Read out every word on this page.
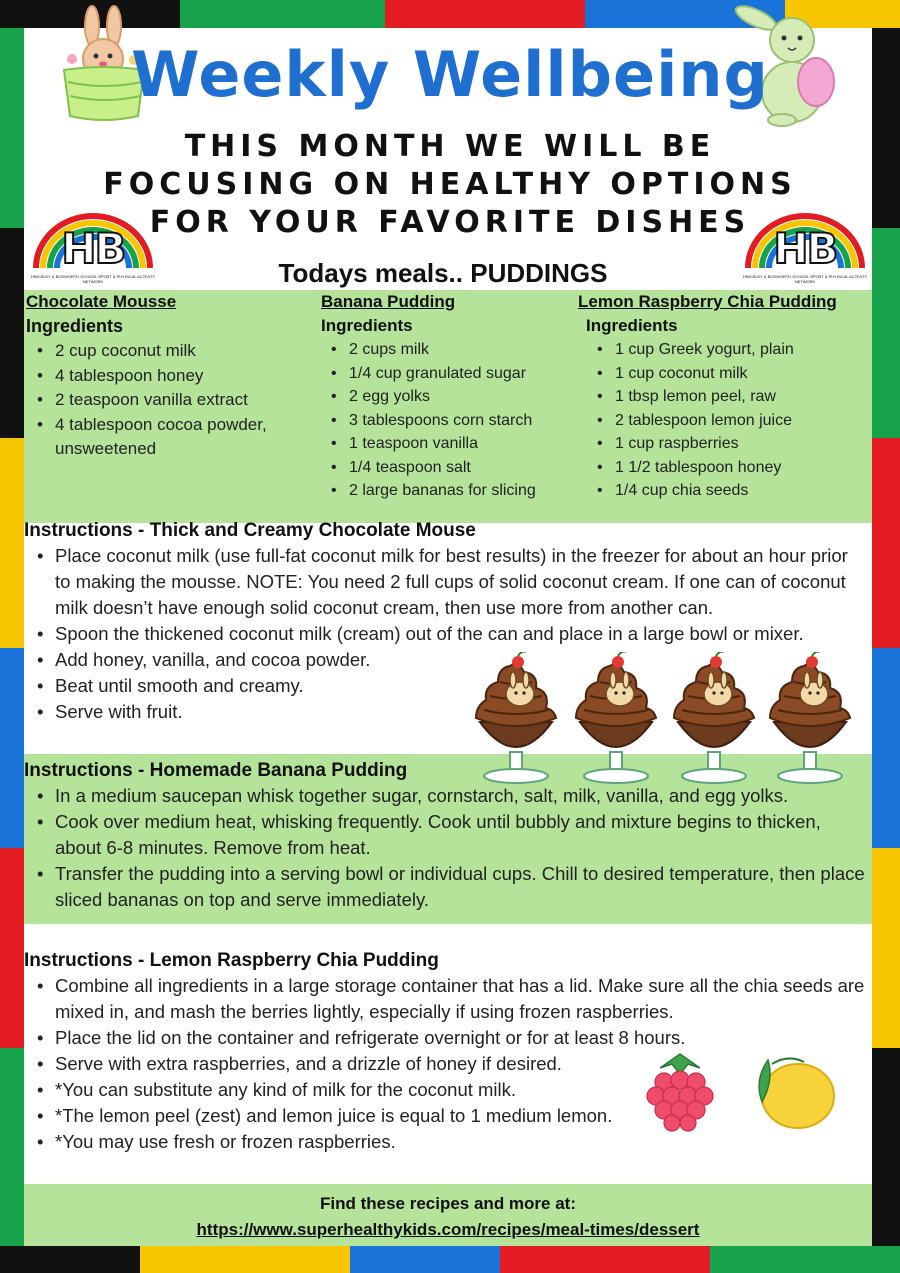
Weekly Wellbeing
THIS MONTH WE WILL BE FOCUSING ON HEALTHY OPTIONS FOR YOUR FAVORITE DISHES
HB
HINCKLEY & BOSWORTH SCHOOL SPORT & PHYSICAL ACTIVITY NETWORK
HB
HINCKLEY & BOSWORTH SCHOOL SPORT & PHYSICAL ACTIVITY NETWORK
Todays meals.. PUDDINGS
Chocolate Mousse
Ingredients
• 2 cup coconut milk
• 4 tablespoon honey
• 2 teaspoon vanilla extract
• 4 tablespoon cocoa powder, unsweetened
Banana Pudding
Ingredients
• 2 cups milk
• 1/4 cup granulated sugar
• 2 egg yolks
• 3 tablespoons corn starch
• 1 teaspoon vanilla
• 1/4 teaspoon salt
• 2 large bananas for slicing
Lemon Raspberry Chia Pudding
Ingredients
• 1 cup Greek yogurt, plain
• 1 cup coconut milk
• 1 tbsp lemon peel, raw
• 2 tablespoon lemon juice
• 1 cup raspberries
• 1 1/2 tablespoon honey
• 1/4 cup chia seeds
Instructions - Thick and Creamy Chocolate Mouse
• Place coconut milk (use full-fat coconut milk for best results) in the freezer for about an hour prior to making the mousse. NOTE: You need 2 full cups of solid coconut cream. If one can of coconut milk doesn’t have enough solid coconut cream, then use more from another can.
• Spoon the thickened coconut milk (cream) out of the can and place in a large bowl or mixer.
• Add honey, vanilla, and cocoa powder.
• Beat until smooth and creamy.
• Serve with fruit.
Instructions - Homemade Banana Pudding
• In a medium saucepan whisk together sugar, cornstarch, salt, milk, vanilla, and egg yolks.
• Cook over medium heat, whisking frequently. Cook until bubbly and mixture begins to thicken, about 6-8 minutes. Remove from heat.
• Transfer the pudding into a serving bowl or individual cups. Chill to desired temperature, then place sliced bananas on top and serve immediately.
Instructions - Lemon Raspberry Chia Pudding
• Combine all ingredients in a large storage container that has a lid. Make sure all the chia seeds are mixed in, and mash the berries lightly, especially if using frozen raspberries.
• Place the lid on the container and refrigerate overnight or for at least 8 hours.
• Serve with extra raspberries, and a drizzle of honey if desired.
• *You can substitute any kind of milk for the coconut milk.
• *The lemon peel (zest) and lemon juice is equal to 1 medium lemon.
• *You may use fresh or frozen raspberries.
Find these recipes and more at:
https://www.superhealthykids.com/recipes/meal-times/dessert
